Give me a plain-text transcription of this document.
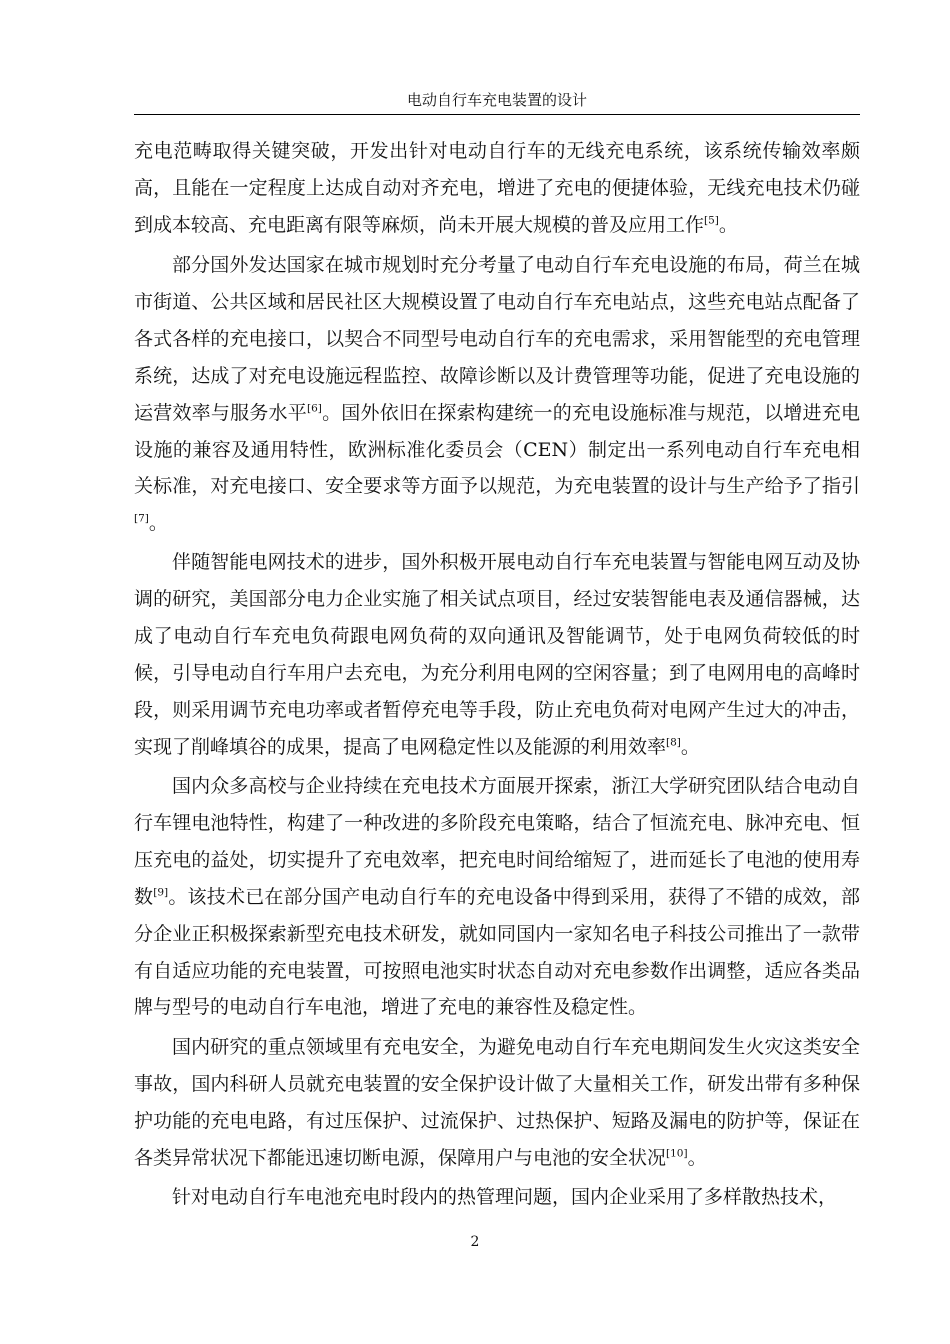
电动自行车充电装置的设计

充电范畴取得关键突破，开发出针对电动自行车的无线充电系统，该系统传输效率颇高，且能在一定程度上达成自动对齐充电，增进了充电的便捷体验，无线充电技术仍碰到成本较高、充电距离有限等麻烦，尚未开展大规模的普及应用工作[5]。

部分国外发达国家在城市规划时充分考量了电动自行车充电设施的布局，荷兰在城市街道、公共区域和居民社区大规模设置了电动自行车充电站点，这些充电站点配备了各式各样的充电接口，以契合不同型号电动自行车的充电需求，采用智能型的充电管理系统，达成了对充电设施远程监控、故障诊断以及计费管理等功能，促进了充电设施的运营效率与服务水平[6]。国外依旧在探索构建统一的充电设施标准与规范，以增进充电设施的兼容及通用特性，欧洲标准化委员会（CEN）制定出一系列电动自行车充电相关标准，对充电接口、安全要求等方面予以规范，为充电装置的设计与生产给予了指引[7]。

伴随智能电网技术的进步，国外积极开展电动自行车充电装置与智能电网互动及协调的研究，美国部分电力企业实施了相关试点项目，经过安装智能电表及通信器械，达成了电动自行车充电负荷跟电网负荷的双向通讯及智能调节，处于电网负荷较低的时候，引导电动自行车用户去充电，为充分利用电网的空闲容量；到了电网用电的高峰时段，则采用调节充电功率或者暂停充电等手段，防止充电负荷对电网产生过大的冲击，实现了削峰填谷的成果，提高了电网稳定性以及能源的利用效率[8]。

国内众多高校与企业持续在充电技术方面展开探索，浙江大学研究团队结合电动自行车锂电池特性，构建了一种改进的多阶段充电策略，结合了恒流充电、脉冲充电、恒压充电的益处，切实提升了充电效率，把充电时间给缩短了，进而延长了电池的使用寿数[9]。该技术已在部分国产电动自行车的充电设备中得到采用，获得了不错的成效，部分企业正积极探索新型充电技术研发，就如同国内一家知名电子科技公司推出了一款带有自适应功能的充电装置，可按照电池实时状态自动对充电参数作出调整，适应各类品牌与型号的电动自行车电池，增进了充电的兼容性及稳定性。

国内研究的重点领域里有充电安全，为避免电动自行车充电期间发生火灾这类安全事故，国内科研人员就充电装置的安全保护设计做了大量相关工作，研发出带有多种保护功能的充电电路，有过压保护、过流保护、过热保护、短路及漏电的防护等，保证在各类异常状况下都能迅速切断电源，保障用户与电池的安全状况[10]。

针对电动自行车电池充电时段内的热管理问题，国内企业采用了多样散热技术，

2
